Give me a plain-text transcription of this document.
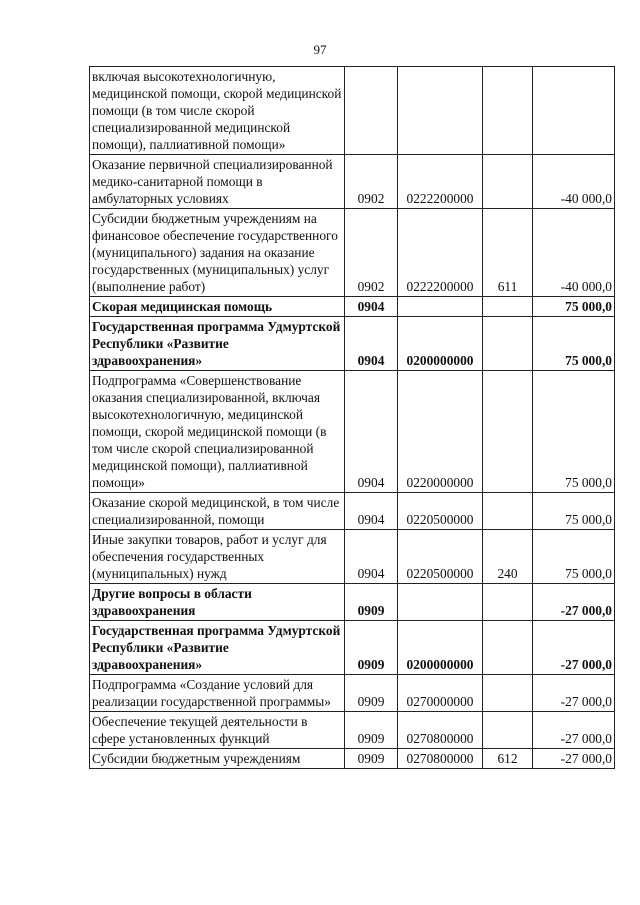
97
включая высокотехнологичную, медицинской помощи, скорой медицинской помощи (в том числе скорой специализированной медицинской помощи), паллиативной помощи»				
Оказание первичной специализированной медико-санитарной помощи в амбулаторных условиях	0902	0222200000		-40 000,0
Субсидии бюджетным учреждениям на финансовое обеспечение государственного (муниципального) задания на оказание государственных (муниципальных) услуг (выполнение работ)	0902	0222200000	611	-40 000,0
Скорая медицинская помощь	0904			75 000,0
Государственная программа Удмуртской Республики «Развитие здравоохранения»	0904	0200000000		75 000,0
Подпрограмма «Совершенствование оказания специализированной, включая высокотехнологичную, медицинской помощи, скорой медицинской помощи (в том числе скорой специализированной медицинской помощи), паллиативной помощи»	0904	0220000000		75 000,0
Оказание скорой медицинской, в том числе специализированной, помощи	0904	0220500000		75 000,0
Иные закупки товаров, работ и услуг для обеспечения государственных (муниципальных) нужд	0904	0220500000	240	75 000,0
Другие вопросы в области здравоохранения	0909			-27 000,0
Государственная программа Удмуртской Республики «Развитие здравоохранения»	0909	0200000000		-27 000,0
Подпрограмма «Создание условий для реализации государственной программы»	0909	0270000000		-27 000,0
Обеспечение текущей деятельности в сфере установленных функций	0909	0270800000		-27 000,0
Субсидии бюджетным учреждениям	0909	0270800000	612	-27 000,0
